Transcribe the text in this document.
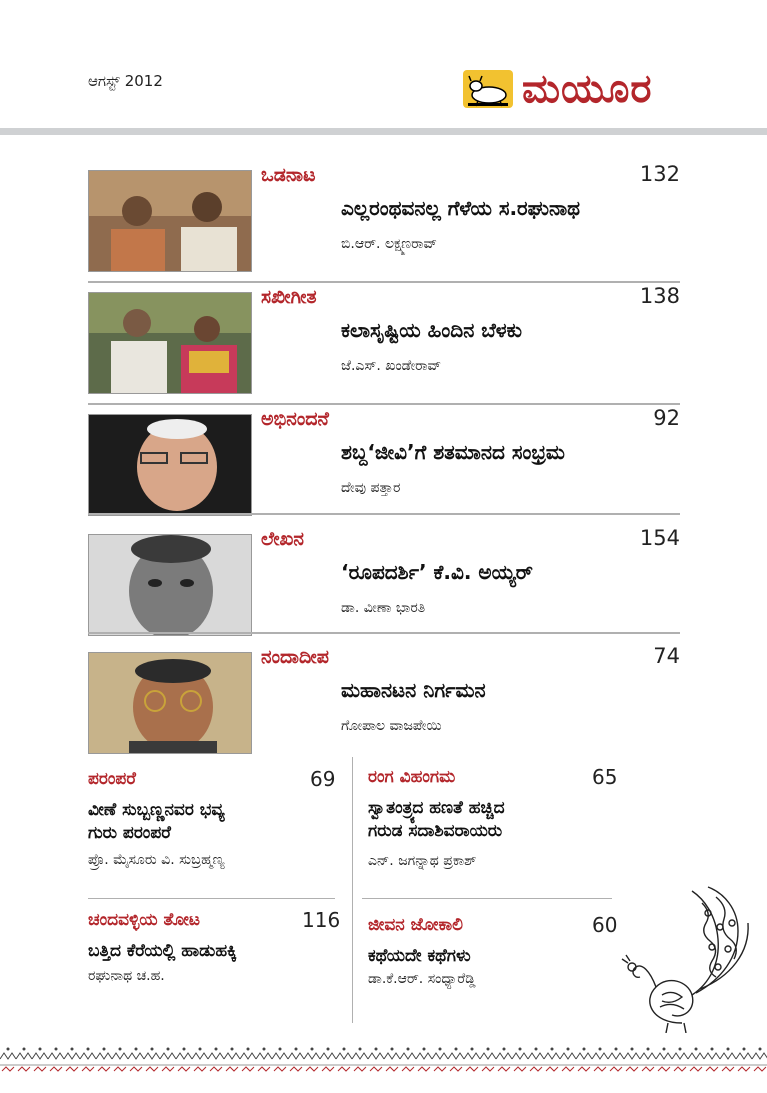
ಆಗಸ್ಟ್ 2012	ಮಯೂರ
ಒಡನಾಟ	132
ಎಲ್ಲರಂಥವನಲ್ಲ ಗೆಳೆಯ ಸ.ರಘುನಾಥ
ಬಿ.ಆರ್. ಲಕ್ಷ್ಮಣರಾವ್
ಸಖೀಗೀತ	138
ಕಲಾಸೃಷ್ಟಿಯ ಹಿಂದಿನ ಬೆಳಕು
ಜೆ.ಎಸ್. ಖಂಡೇರಾವ್
ಅಭಿನಂದನೆ	92
ಶಬ್ದ‘ಜೀವಿ’ಗೆ ಶತಮಾನದ ಸಂಭ್ರಮ
ದೇವು ಪತ್ತಾರ
ಲೇಖನ	154
‘ರೂಪದರ್ಶಿ’ ಕೆ.ವಿ. ಅಯ್ಯರ್
ಡಾ. ವೀಣಾ ಭಾರತಿ
ನಂದಾದೀಪ	74
ಮಹಾನಟನ ನಿರ್ಗಮನ
ಗೋಪಾಲ ವಾಜಪೇಯಿ
ಪರಂಪರೆ	69
ವೀಣೆ ಸುಬ್ಬಣ್ಣನವರ ಭವ್ಯ
ಗುರು ಪರಂಪರೆ
ಪ್ರೊ. ಮೈಸೂರು ವಿ. ಸುಬ್ರಹ್ಮಣ್ಯ
ರಂಗ ವಿಹಂಗಮ	65
ಸ್ವಾತಂತ್ರ್ಯದ ಹಣತೆ ಹಚ್ಚಿದ
ಗರುಡ ಸದಾಶಿವರಾಯರು
ಎನ್. ಜಗನ್ನಾಥ ಪ್ರಕಾಶ್
ಚಂದವಳ್ಳಿಯ ತೋಟ	116
ಬತ್ತಿದ ಕೆರೆಯಲ್ಲಿ ಹಾಡುಹಕ್ಕಿ
ರಘುನಾಥ ಚ.ಹ.
ಜೀವನ ಜೋಕಾಲಿ	60
ಕಥೆಯದೇ ಕಥೆಗಳು
ಡಾ.ಕೆ.ಆರ್. ಸಂಧ್ಯಾರೆಡ್ಡಿ
